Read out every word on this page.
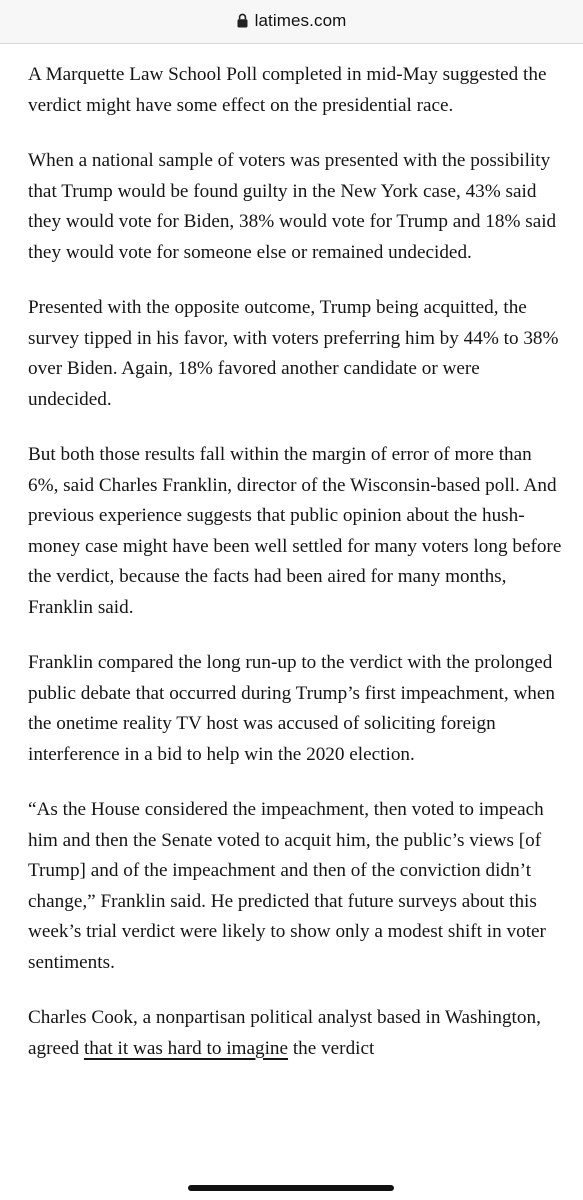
latimes.com

A Marquette Law School Poll completed in mid-May suggested the verdict might have some effect on the presidential race.

When a national sample of voters was presented with the possibility that Trump would be found guilty in the New York case, 43% said they would vote for Biden, 38% would vote for Trump and 18% said they would vote for someone else or remained undecided.

Presented with the opposite outcome, Trump being acquitted, the survey tipped in his favor, with voters preferring him by 44% to 38% over Biden. Again, 18% favored another candidate or were undecided.

But both those results fall within the margin of error of more than 6%, said Charles Franklin, director of the Wisconsin-based poll. And previous experience suggests that public opinion about the hush-money case might have been well settled for many voters long before the verdict, because the facts had been aired for many months, Franklin said.

Franklin compared the long run-up to the verdict with the prolonged public debate that occurred during Trump’s first impeachment, when the onetime reality TV host was accused of soliciting foreign interference in a bid to help win the 2020 election.

“As the House considered the impeachment, then voted to impeach him and then the Senate voted to acquit him, the public’s views [of Trump] and of the impeachment and then of the conviction didn’t change,” Franklin said. He predicted that future surveys about this week’s trial verdict were likely to show only a modest shift in voter sentiments.

Charles Cook, a nonpartisan political analyst based in Washington, agreed that it was hard to imagine the verdict
